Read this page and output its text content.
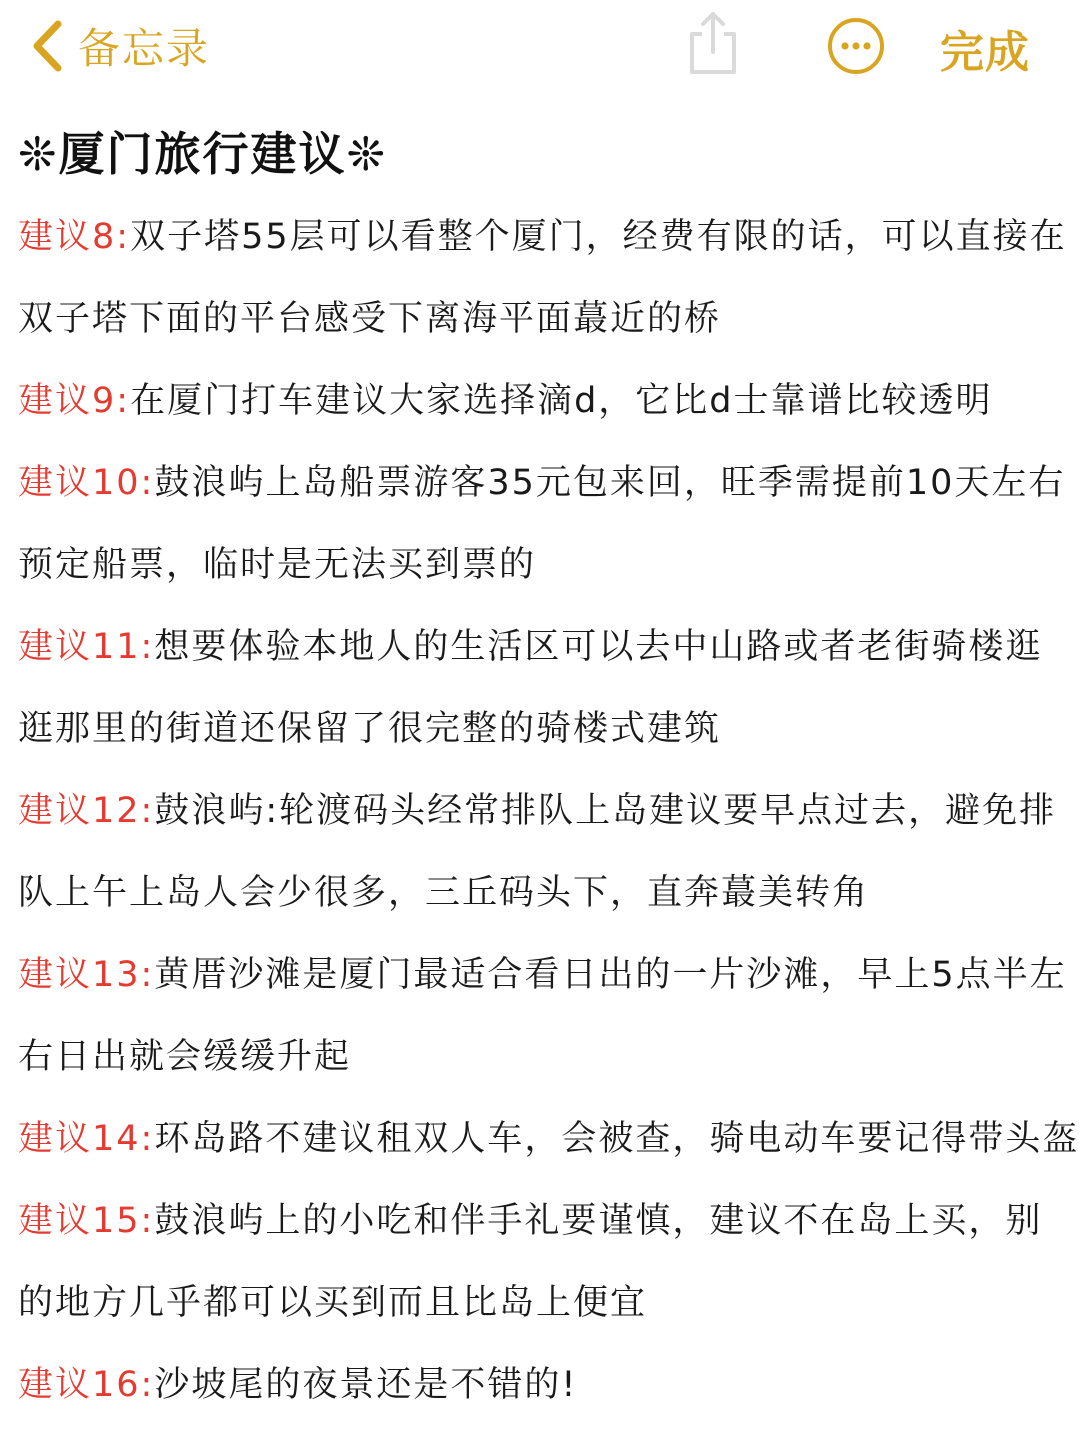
备忘录	完成
❊厦门旅行建议❊
建议8:双子塔55层可以看整个厦门，经费有限的话，可以直接在
双子塔下面的平台感受下离海平面蕞近的桥
建议9:在厦门打车建议大家选择滴d，它比d士靠谱比较透明
建议10:鼓浪屿上岛船票游客35元包来回，旺季需提前10天左右
预定船票，临时是无法买到票的
建议11:想要体验本地人的生活区可以去中山路或者老街骑楼逛
逛那里的街道还保留了很完整的骑楼式建筑
建议12:鼓浪屿:轮渡码头经常排队上岛建议要早点过去，避免排
队上午上岛人会少很多，三丘码头下，直奔蕞美转角
建议13:黄厝沙滩是厦门最适合看日出的一片沙滩，早上5点半左
右日出就会缓缓升起
建议14:环岛路不建议租双人车，会被查，骑电动车要记得带头盔
建议15:鼓浪屿上的小吃和伴手礼要谨慎，建议不在岛上买，别
的地方几乎都可以买到而且比岛上便宜
建议16:沙坡尾的夜景还是不错的!
